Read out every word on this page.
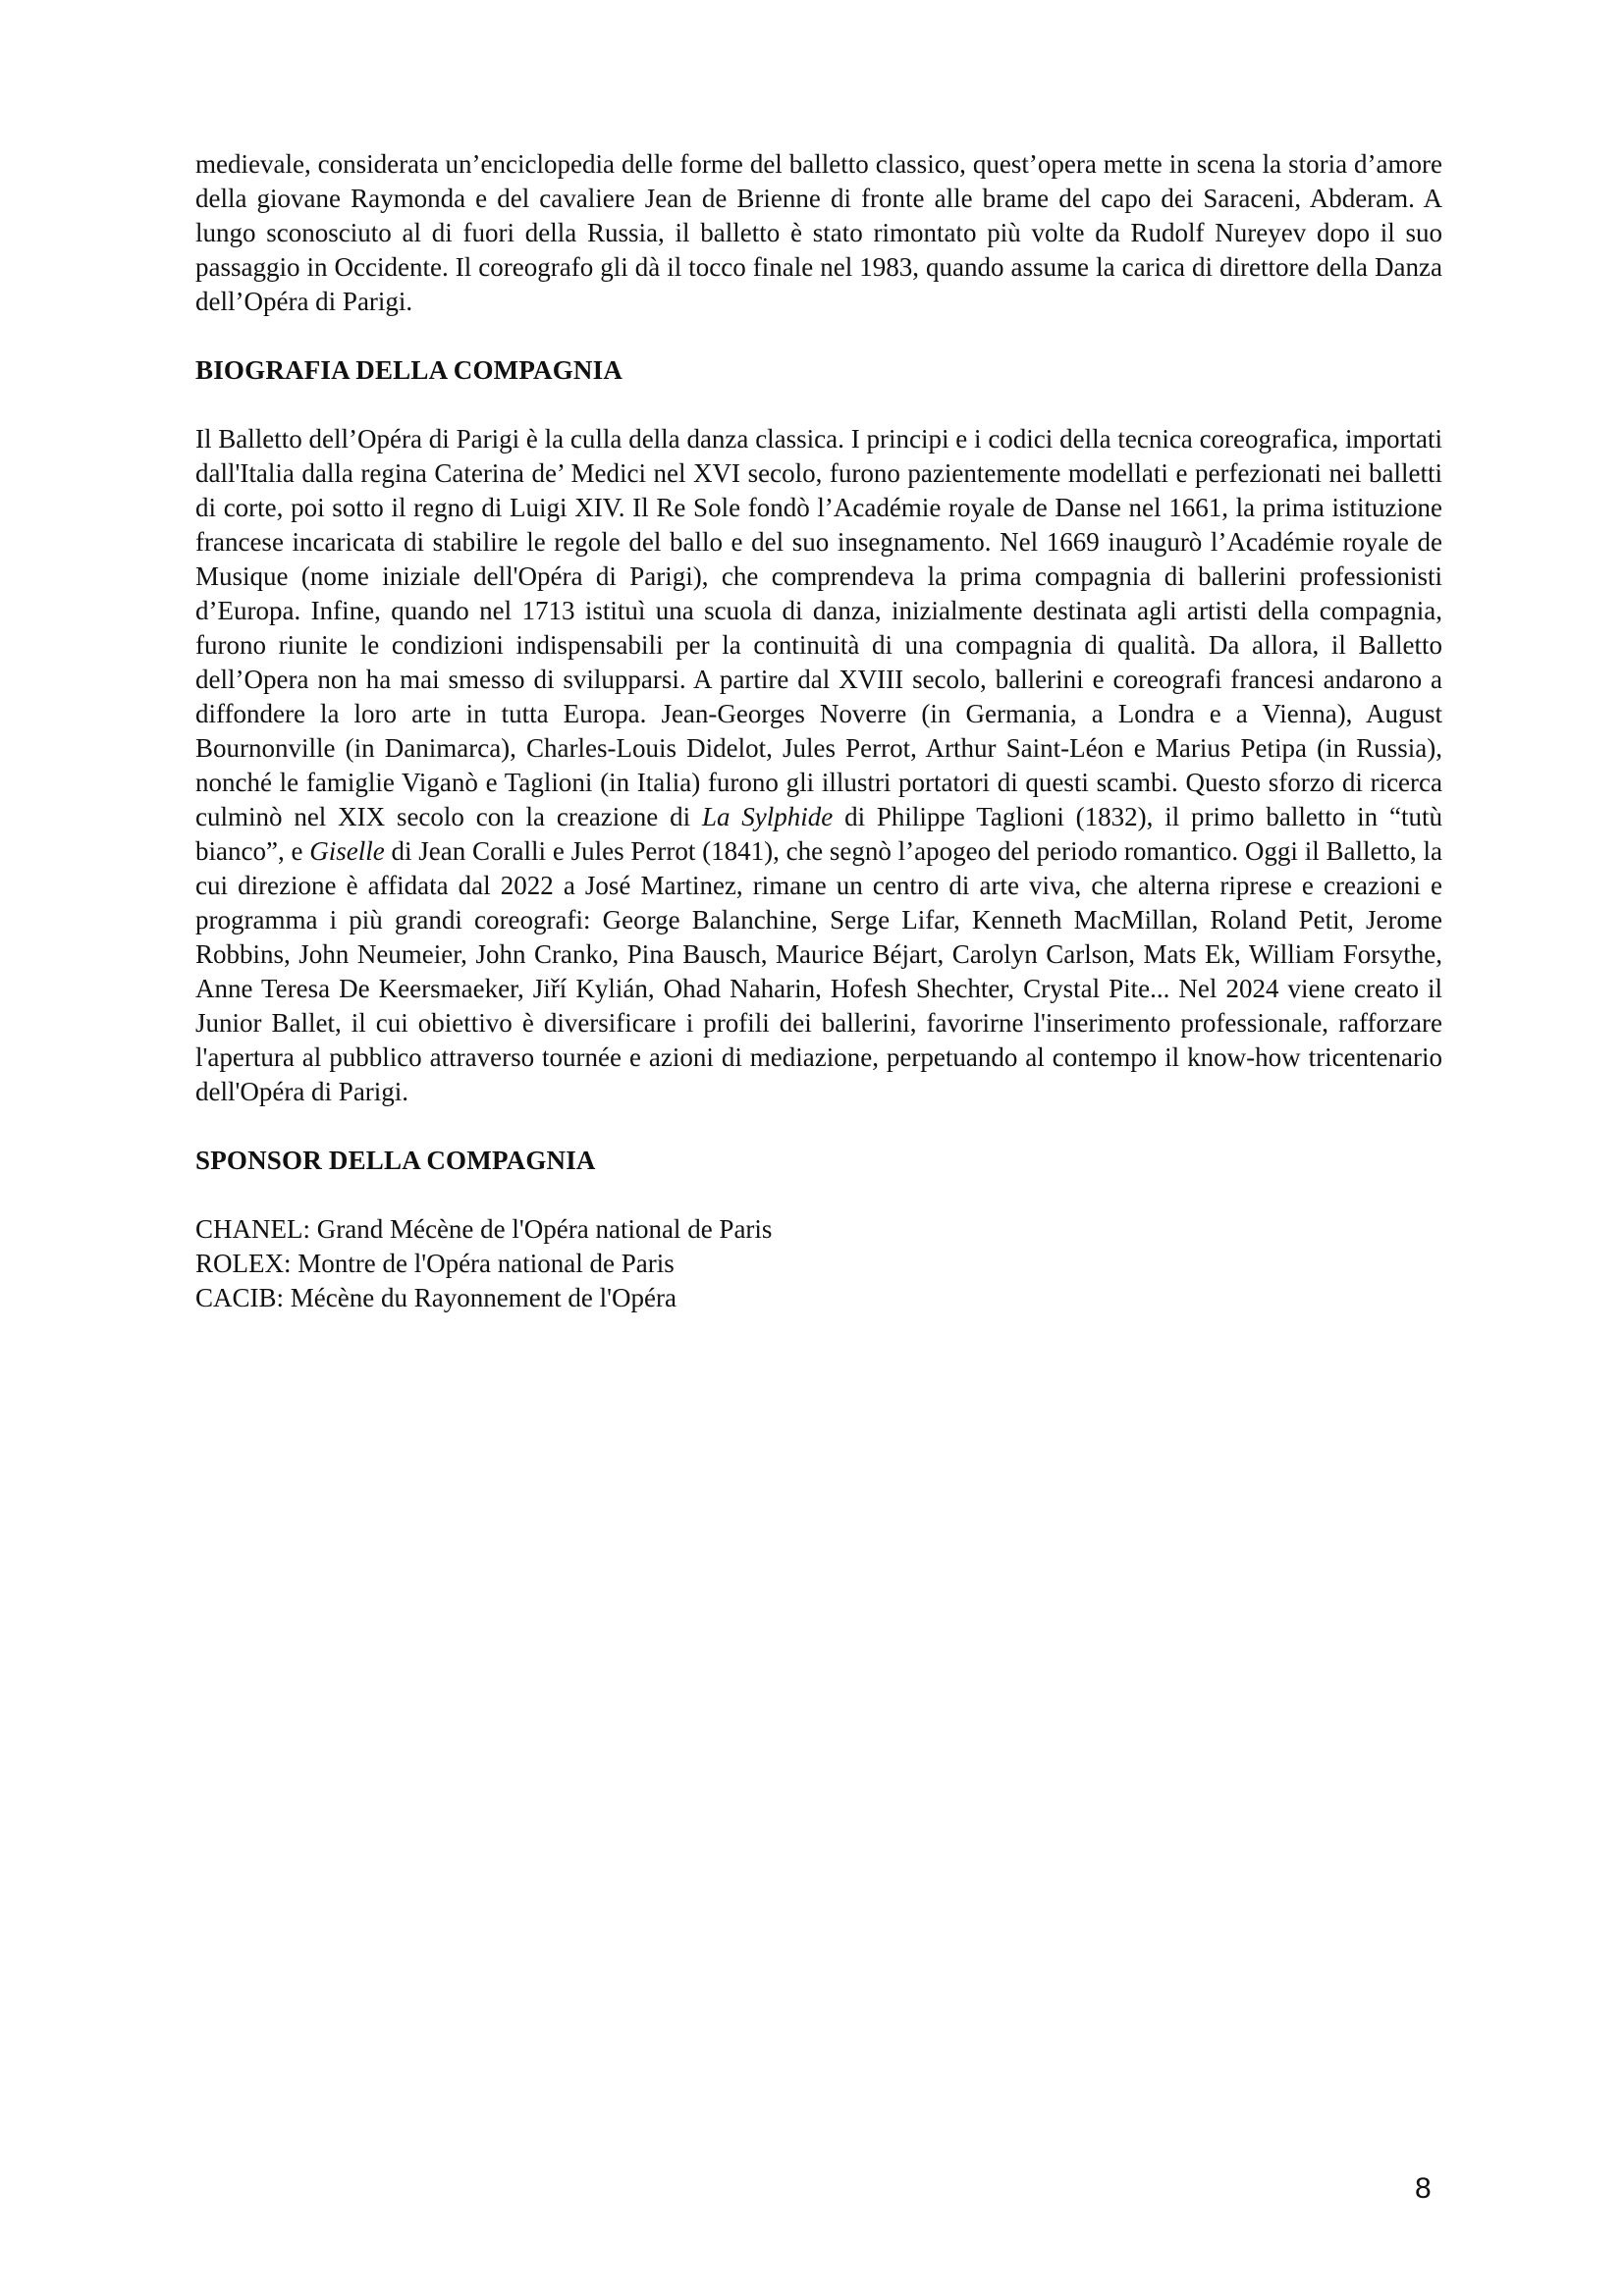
medievale, considerata un’enciclopedia delle forme del balletto classico, quest’opera mette in scena la storia d’amore della giovane Raymonda e del cavaliere Jean de Brienne di fronte alle brame del capo dei Saraceni, Abderam. A lungo sconosciuto al di fuori della Russia, il balletto è stato rimontato più volte da Rudolf Nureyev dopo il suo passaggio in Occidente. Il coreografo gli dà il tocco finale nel 1983, quando assume la carica di direttore della Danza dell’Opéra di Parigi.

BIOGRAFIA DELLA COMPAGNIA

Il Balletto dell’Opéra di Parigi è la culla della danza classica. I principi e i codici della tecnica coreografica, importati dall'Italia dalla regina Caterina de’ Medici nel XVI secolo, furono pazientemente modellati e perfezionati nei balletti di corte, poi sotto il regno di Luigi XIV. Il Re Sole fondò l’Académie royale de Danse nel 1661, la prima istituzione francese incaricata di stabilire le regole del ballo e del suo insegnamento. Nel 1669 inaugurò l’Académie royale de Musique (nome iniziale dell'Opéra di Parigi), che comprendeva la prima compagnia di ballerini professionisti d’Europa. Infine, quando nel 1713 istituì una scuola di danza, inizialmente destinata agli artisti della compagnia, furono riunite le condizioni indispensabili per la continuità di una compagnia di qualità. Da allora, il Balletto dell’Opera non ha mai smesso di svilupparsi. A partire dal XVIII secolo, ballerini e coreografi francesi andarono a diffondere la loro arte in tutta Europa. Jean-Georges Noverre (in Germania, a Londra e a Vienna), August Bournonville (in Danimarca), Charles-Louis Didelot, Jules Perrot, Arthur Saint-Léon e Marius Petipa (in Russia), nonché le famiglie Viganò e Taglioni (in Italia) furono gli illustri portatori di questi scambi. Questo sforzo di ricerca culminò nel XIX secolo con la creazione di La Sylphide di Philippe Taglioni (1832), il primo balletto in “tutù bianco”, e Giselle di Jean Coralli e Jules Perrot (1841), che segnò l’apogeo del periodo romantico. Oggi il Balletto, la cui direzione è affidata dal 2022 a José Martinez, rimane un centro di arte viva, che alterna riprese e creazioni e programma i più grandi coreografi: George Balanchine, Serge Lifar, Kenneth MacMillan, Roland Petit, Jerome Robbins, John Neumeier, John Cranko, Pina Bausch, Maurice Béjart, Carolyn Carlson, Mats Ek, William Forsythe, Anne Teresa De Keersmaeker, Jiří Kylián, Ohad Naharin, Hofesh Shechter, Crystal Pite... Nel 2024 viene creato il Junior Ballet, il cui obiettivo è diversificare i profili dei ballerini, favorirne l'inserimento professionale, rafforzare l'apertura al pubblico attraverso tournée e azioni di mediazione, perpetuando al contempo il know-how tricentenario dell'Opéra di Parigi.

SPONSOR DELLA COMPAGNIA
CHANEL: Grand Mécène de l'Opéra national de Paris
ROLEX: Montre de l'Opéra national de Paris
CACIB: Mécène du Rayonnement de l'Opéra
8
